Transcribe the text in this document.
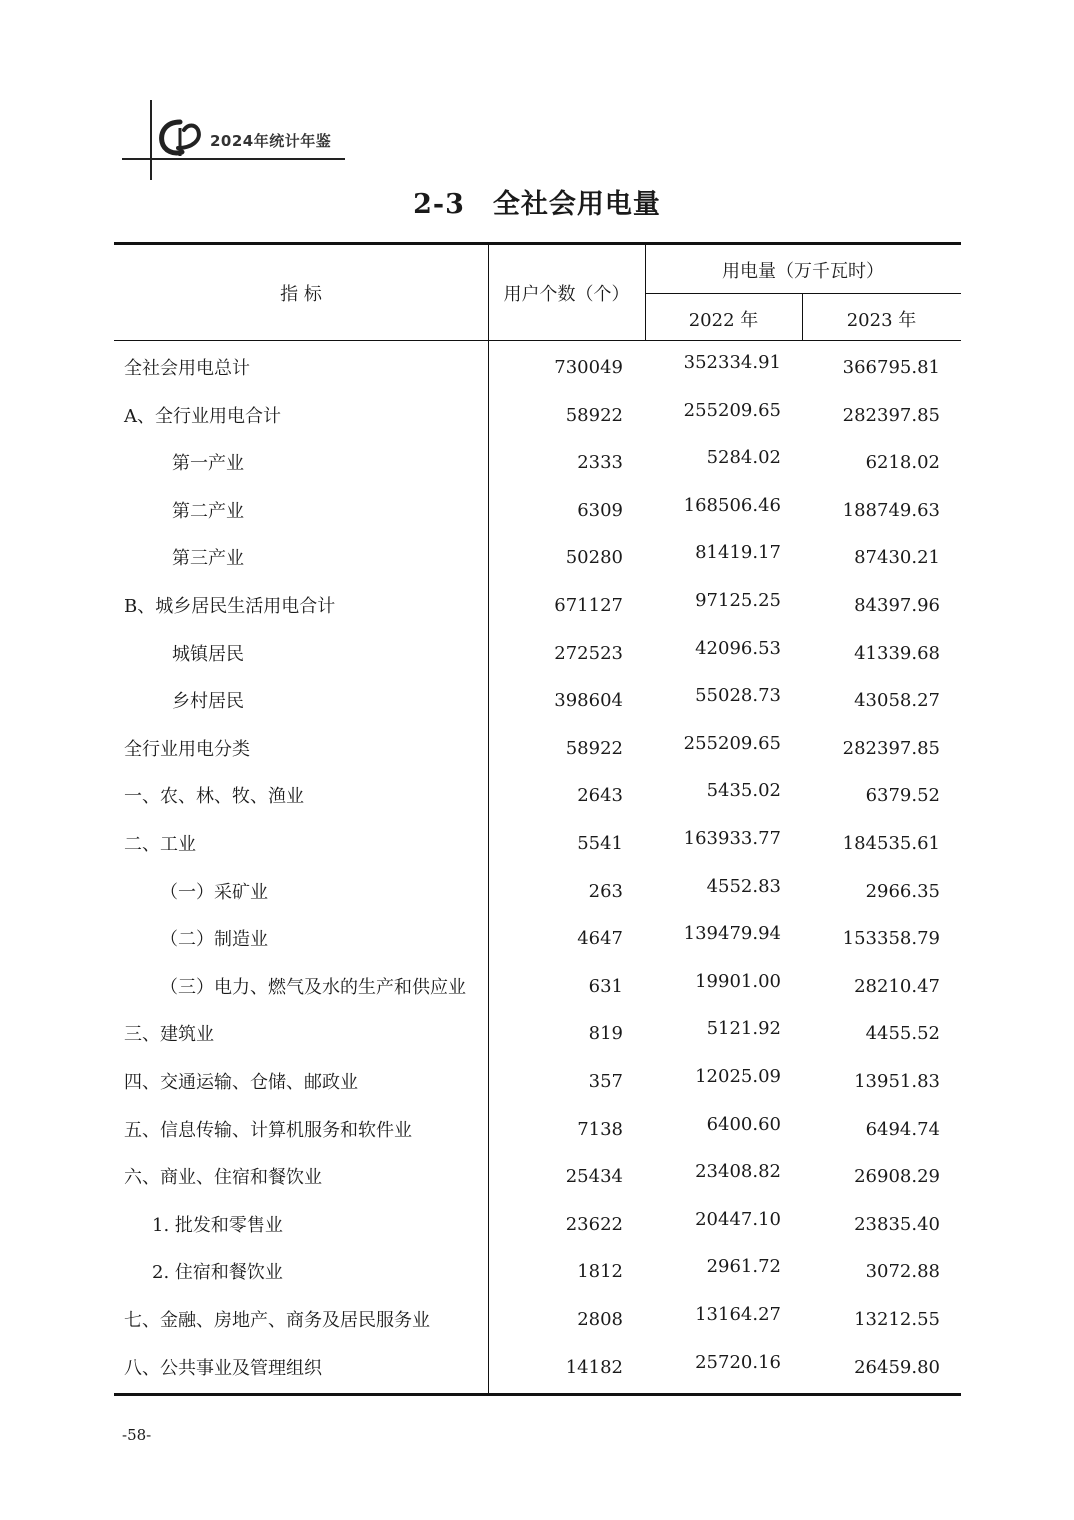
2024年统计年鉴
2-3 全社会用电量
指 标	用户个数（个）
用电量（万千瓦时）
2022 年	2023 年
全社会用电总计	730049	352334.91	366795.81
A、全行业用电合计	58922	255209.65	282397.85
第一产业	2333	5284.02	6218.02
第二产业	6309	168506.46	188749.63
第三产业	50280	81419.17	87430.21
B、城乡居民生活用电合计	671127	97125.25	84397.96
城镇居民	272523	42096.53	41339.68
乡村居民	398604	55028.73	43058.27
全行业用电分类	58922	255209.65	282397.85
一、农、林、牧、渔业	2643	5435.02	6379.52
二、工业	5541	163933.77	184535.61
（一）采矿业	263	4552.83	2966.35
（二）制造业	4647	139479.94	153358.79
（三）电力、燃气及水的生产和供应业	631	19901.00	28210.47
三、建筑业	819	5121.92	4455.52
四、交通运输、仓储、邮政业	357	12025.09	13951.83
五、信息传输、计算机服务和软件业	7138	6400.60	6494.74
六、商业、住宿和餐饮业	25434	23408.82	26908.29
1. 批发和零售业	23622	20447.10	23835.40
2. 住宿和餐饮业	1812	2961.72	3072.88
七、金融、房地产、商务及居民服务业	2808	13164.27	13212.55
八、公共事业及管理组织	14182	25720.16	26459.80
-58-
